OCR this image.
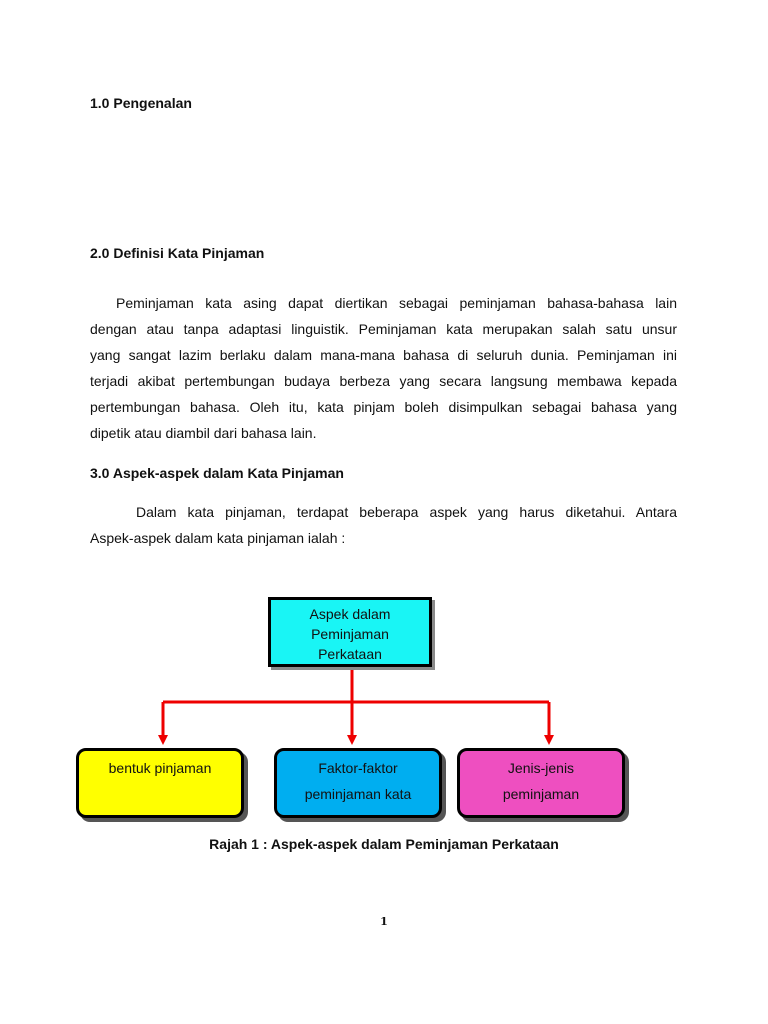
1.0 Pengenalan
2.0 Definisi Kata Pinjaman
Peminjaman kata asing dapat diertikan sebagai peminjaman bahasa-bahasa lain
dengan atau tanpa adaptasi linguistik. Peminjaman kata merupakan salah satu unsur
yang sangat lazim berlaku dalam mana-mana bahasa di seluruh dunia. Peminjaman ini
terjadi akibat pertembungan budaya berbeza yang secara langsung membawa kepada
pertembungan bahasa. Oleh itu, kata pinjam boleh disimpulkan sebagai bahasa yang
dipetik atau diambil dari bahasa lain.
3.0 Aspek-aspek dalam Kata Pinjaman
Dalam kata pinjaman, terdapat beberapa aspek yang harus diketahui. Antara
Aspek-aspek dalam kata pinjaman ialah :
Aspek dalam
Peminjaman
Perkataan
bentuk pinjaman	Faktor-faktor
peminjaman kata
Jenis-jenis
peminjaman

Rajah 1 : Aspek-aspek dalam Peminjaman Perkataan

1
